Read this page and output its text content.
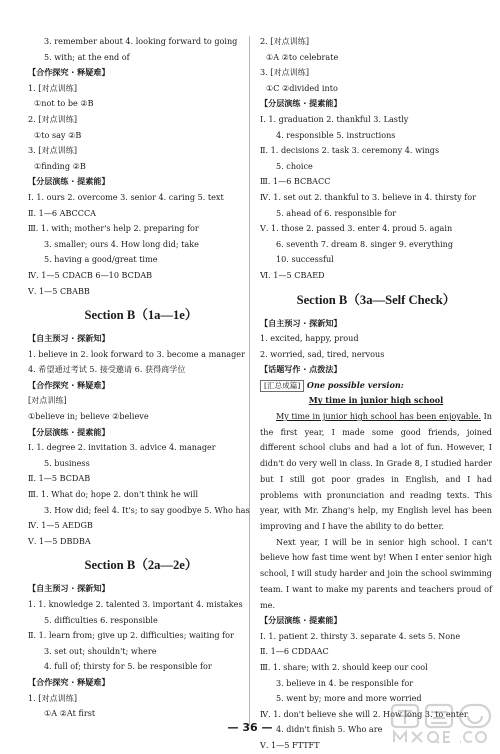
3. remember about 4. looking forward to going
5. with; at the end of
【合作探究 · 释疑难】
1. [对点训练]
①not to be ②B
2. [对点训练]
①to say ②B
3. [对点训练]
①finding ②B
【分层演练 · 提素能】
Ⅰ. 1. ours 2. overcome 3. senior 4. caring 5. text
Ⅱ. 1—6 ABCCCA
Ⅲ. 1. with; mother's help 2. preparing for
3. smaller; ours 4. How long did; take
5. having a good/great time
Ⅳ. 1—5 CDACB 6—10 BCDAB
Ⅴ. 1—5 CBABB
Section B（1a—1e）
【自主预习 · 探新知】
1. believe in 2. look forward to 3. become a manager
4. 希望通过考试 5. 接受邀请 6. 获得商学位
【合作探究 · 释疑难】
[对点训练]
①believe in; believe ②believe
【分层演练 · 提素能】
Ⅰ. 1. degree 2. invitation 3. advice 4. manager
5. business
Ⅱ. 1—5 BCDAB
Ⅲ. 1. What do; hope 2. don't think he will
3. How did; feel 4. It's; to say goodbye 5. Who has
Ⅳ. 1—5 AEDGB
Ⅴ. 1—5 DBDBA
Section B（2a—2e）
【自主预习 · 探新知】
1. 1. knowledge 2. talented 3. important 4. mistakes
5. difficulties 6. responsible
Ⅱ. 1. learn from; give up 2. difficulties; waiting for
3. set out; shouldn't; where
4. full of; thirsty for 5. be responsible for
【合作探究 · 释疑难】
1. [对点训练]
①A ②At first
2. [对点训练]
①A ②to celebrate
3. [对点训练]
①C ②divided into
【分层演练 · 提素能】
Ⅰ. 1. graduation 2. thankful 3. Lastly
4. responsible 5. instructions
Ⅱ. 1. decisions 2. task 3. ceremony 4. wings
5. choice
Ⅲ. 1—6 BCBACC
Ⅳ. 1. set out 2. thankful to 3. believe in 4. thirsty for
5. ahead of 6. responsible for
Ⅴ. 1. those 2. passed 3. enter 4. proud 5. again
6. seventh 7. dream 8. singer 9. everything
10. successful
Ⅵ. 1—5 CBAED
Section B（3a—Self Check）
【自主预习 · 探新知】
1. excited, happy, proud
2. worried, sad, tired, nervous
【话题写作 · 点拨法】
[汇总成篇] One possible version:
My time in junior high school
My time in junior high school has been enjoyable. In the first year, I made some good friends, joined different school clubs and had a lot of fun. However, I didn't do very well in class. In Grade 8, I studied harder but I still got poor grades in English, and I had problems with pronunciation and reading texts. This year, with Mr. Zhang's help, my English level has been improving and I have the ability to do better.
Next year, I will be in senior high school. I can't believe how fast time went by! When I enter senior high school, I will study harder and join the school swimming team. I want to make my parents and teachers proud of me.
【分层演练 · 提素能】
Ⅰ. 1. patient 2. thirsty 3. separate 4. sets 5. None
Ⅱ. 1—6 CDDAAC
Ⅲ. 1. share; with 2. should keep our cool
3. believe in 4. be responsible for
5. went by; more and more worried
Ⅳ. 1. don't believe she will 2. How long 3. to enter
4. didn't finish 5. Who are
Ⅴ. 1—5 FTTFT
— 36 —
